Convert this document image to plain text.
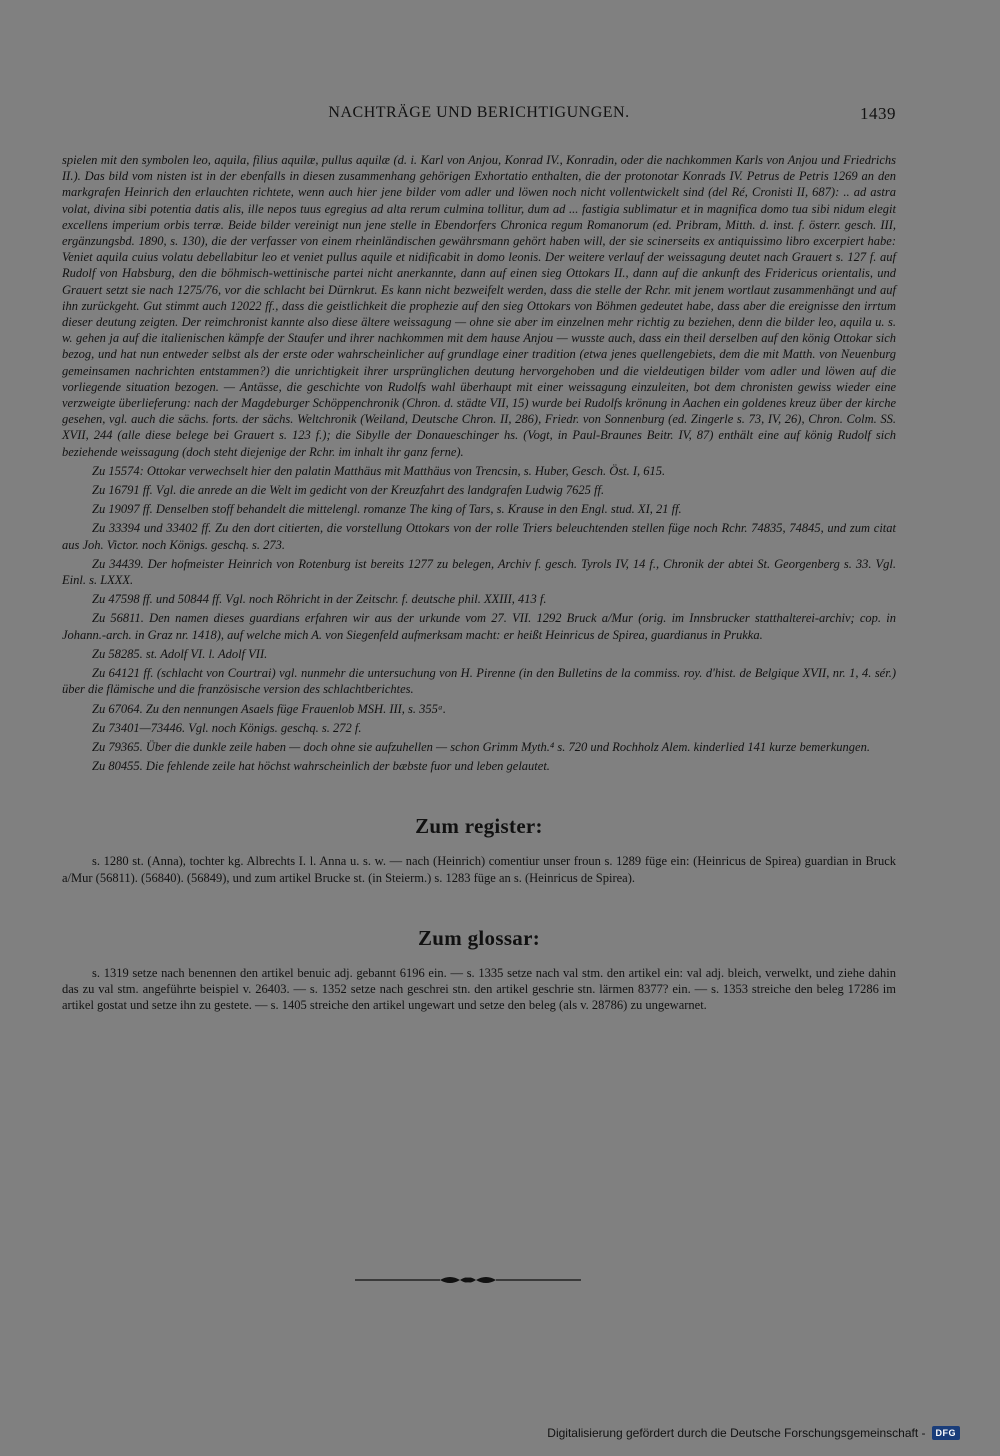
NACHTRÄGE UND BERICHTIGUNGEN.	1439

spielen mit den symbolen leo, aquila, filius aquilæ, pullus aquilæ (d. i. Karl von Anjou, Konrad IV., Konradin, oder die nachkommen Karls von Anjou und Friedrichs II.). Das bild vom nisten ist in der ebenfalls in diesen zusammenhang gehörigen Exhortatio enthalten, die der protonotar Konrads IV. Petrus de Petris 1269 an den markgrafen Heinrich den erlauchten richtete, wenn auch hier jene bilder vom adler und löwen noch nicht vollentwickelt sind (del Ré, Cronisti II, 687): .. ad astra volat, divina sibi potentia datis alis, ille nepos tuus egregius ad alta rerum culmina tollitur, dum ad ... fastigia sublimatur et in magnifica domo tua sibi nidum elegit excellens imperium orbis terræ. Beide bilder vereinigt nun jene stelle in Ebendorfers Chronica regum Romanorum (ed. Pribram, Mitth. d. inst. f. österr. gesch. III, ergänzungsbd. 1890, s. 130), die der verfasser von einem rheinländischen gewährsmann gehört haben will, der sie scinerseits ex antiquissimo libro excerpiert habe: Veniet aquila cuius volatu debellabitur leo et veniet pullus aquile et nidificabit in domo leonis. Der weitere verlauf der weissagung deutet nach Grauert s. 127 f. auf Rudolf von Habsburg, den die böhmisch-wettinische partei nicht anerkannte, dann auf einen sieg Ottokars II., dann auf die ankunft des Fridericus orientalis, und Grauert setzt sie nach 1275/76, vor die schlacht bei Dürnkrut. Es kann nicht bezweifelt werden, dass die stelle der Rchr. mit jenem wortlaut zusammenhängt und auf ihn zurückgeht. Gut stimmt auch 12022 ff., dass die geistlichkeit die prophezie auf den sieg Ottokars von Böhmen gedeutet habe, dass aber die ereignisse den irrtum dieser deutung zeigten. Der reimchronist kannte also diese ältere weissagung — ohne sie aber im einzelnen mehr richtig zu beziehen, denn die bilder leo, aquila u. s. w. gehen ja auf die italienischen kämpfe der Staufer und ihrer nachkommen mit dem hause Anjou — wusste auch, dass ein theil derselben auf den könig Ottokar sich bezog, und hat nun entweder selbst als der erste oder wahrscheinlicher auf grundlage einer tradition (etwa jenes quellengebiets, dem die mit Matth. von Neuenburg gemeinsamen nachrichten entstammen?) die unrichtigkeit ihrer ursprünglichen deutung hervorgehoben und die vieldeutigen bilder vom adler und löwen auf die vorliegende situation bezogen. — Antässe, die geschichte von Rudolfs wahl überhaupt mit einer weissagung einzuleiten, bot dem chronisten gewiss wieder eine verzweigte überlieferung: nach der Magdeburger Schöppenchronik (Chron. d. städte VII, 15) wurde bei Rudolfs krönung in Aachen ein goldenes kreuz über der kirche gesehen, vgl. auch die sächs. forts. der sächs. Weltchronik (Weiland, Deutsche Chron. II, 286), Friedr. von Sonnenburg (ed. Zingerle s. 73, IV, 26), Chron. Colm. SS. XVII, 244 (alle diese belege bei Grauert s. 123 f.); die Sibylle der Donaueschinger hs. (Vogt, in Paul-Braunes Beitr. IV, 87) enthält eine auf könig Rudolf sich beziehende weissagung (doch steht diejenige der Rchr. im inhalt ihr ganz ferne).

Zu 15574: Ottokar verwechselt hier den palatin Matthäus mit Matthäus von Trencsin, s. Huber, Gesch. Öst. I, 615.

Zu 16791 ff. Vgl. die anrede an die Welt im gedicht von der Kreuzfahrt des landgrafen Ludwig 7625 ff.

Zu 19097 ff. Denselben stoff behandelt die mittelengl. romanze The king of Tars, s. Krause in den Engl. stud. XI, 21 ff.

Zu 33394 und 33402 ff. Zu den dort citierten, die vorstellung Ottokars von der rolle Triers beleuchtenden stellen füge noch Rchr. 74835, 74845, und zum citat aus Joh. Victor. noch Königs. geschq. s. 273.

Zu 34439. Der hofmeister Heinrich von Rotenburg ist bereits 1277 zu belegen, Archiv f. gesch. Tyrols IV, 14 f., Chronik der abtei St. Georgenberg s. 33. Vgl. Einl. s. LXXX.

Zu 47598 ff. und 50844 ff. Vgl. noch Röhricht in der Zeitschr. f. deutsche phil. XXIII, 413 f.

Zu 56811. Den namen dieses guardians erfahren wir aus der urkunde vom 27. VII. 1292 Bruck a/Mur (orig. im Innsbrucker statthalterei-archiv; cop. in Johann.-arch. in Graz nr. 1418), auf welche mich A. von Siegenfeld aufmerksam macht: er heißt Heinricus de Spirea, guardianus in Prukka.

Zu 58285. st. Adolf VI. l. Adolf VII.

Zu 64121 ff. (schlacht von Courtrai) vgl. nunmehr die untersuchung von H. Pirenne (in den Bulletins de la commiss. roy. d'hist. de Belgique XVII, nr. 1, 4. sér.) über die flämische und die französische version des schlachtberichtes.

Zu 67064. Zu den nennungen Asaels füge Frauenlob MSH. III, s. 355ᵃ.

Zu 73401—73446. Vgl. noch Königs. geschq. s. 272 f.

Zu 79365. Über die dunkle zeile haben — doch ohne sie aufzuhellen — schon Grimm Myth.⁴ s. 720 und Rochholz Alem. kinderlied 141 kurze bemerkungen.

Zu 80455. Die fehlende zeile hat höchst wahrscheinlich der bæbste fuor und leben gelautet.

Zum register:

s. 1280 st. (Anna), tochter kg. Albrechts I. l. Anna u. s. w. — nach (Heinrich) comentiur unser froun s. 1289 füge ein: (Heinricus de Spirea) guardian in Bruck a/Mur (56811). (56840). (56849), und zum artikel Brucke st. (in Steierm.) s. 1283 füge an s. (Heinricus de Spirea).

Zum glossar:

s. 1319 setze nach benennen den artikel benuic adj. gebannt 6196 ein. — s. 1335 setze nach val stm. den artikel ein: val adj. bleich, verwelkt, und ziehe dahin das zu val stm. angeführte beispiel v. 26403. — s. 1352 setze nach geschrei stn. den artikel geschrie stn. lärmen 8377? ein. — s. 1353 streiche den beleg 17286 im artikel gostat und setze ihn zu gestete. — s. 1405 streiche den artikel ungewart und setze den beleg (als v. 28786) zu ungewarnet.

Digitalisierung gefördert durch die Deutsche Forschungsgemeinschaft -	DFG
